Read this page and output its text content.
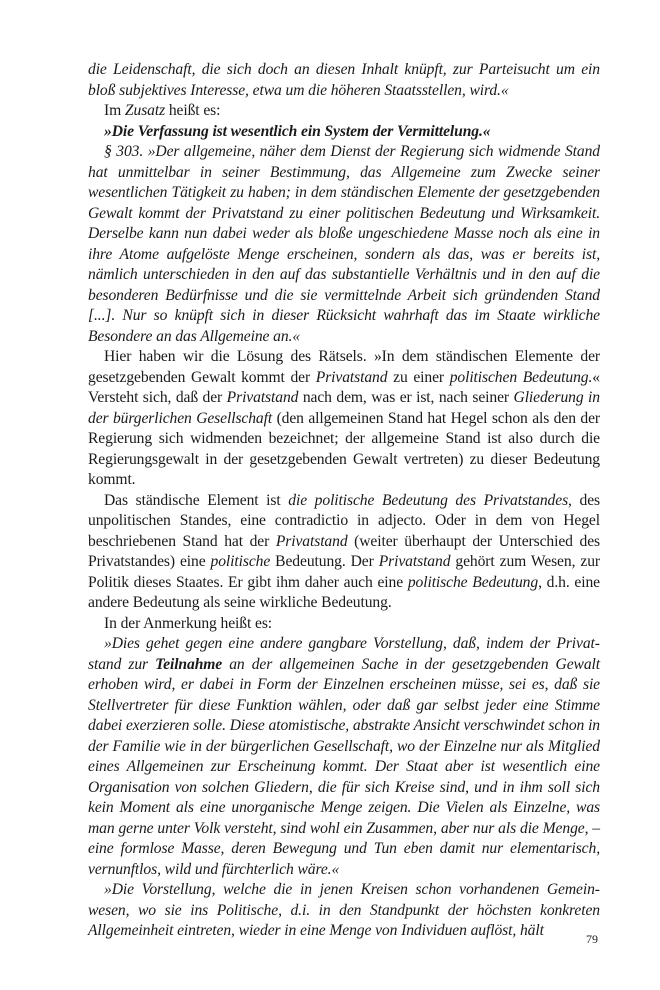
die Leidenschaft, die sich doch an diesen Inhalt knüpft, zur Parteisucht um ein bloß subjektives Interesse, etwa um die höheren Staatsstellen, wird.«

Im Zusatz heißt es:

»Die Verfassung ist wesentlich ein System der Vermittelung.«

§ 303. »Der allgemeine, näher dem Dienst der Regierung sich widmende Stand hat unmittelbar in seiner Bestimmung, das Allgemeine zum Zwecke seiner wesentlichen Tätigkeit zu haben; in dem ständischen Elemente der gesetzgebenden Gewalt kommt der Privatstand zu einer politischen Bedeutung und Wirksamkeit. Derselbe kann nun dabei weder als bloße ungeschiedene Masse noch als eine in ihre Atome aufgelöste Menge erscheinen, sondern als das, was er bereits ist, nämlich unterschieden in den auf das substantielle Verhältnis und in den auf die besonderen Bedürfnisse und die sie vermittelnde Arbeit sich gründenden Stand [...]. Nur so knüpft sich in dieser Rücksicht wahrhaft das im Staate wirkliche Besondere an das Allgemeine an.«

Hier haben wir die Lösung des Rätsels. »In dem ständischen Elemente der gesetzgebenden Gewalt kommt der Privatstand zu einer politischen Bedeutung.« Versteht sich, daß der Privatstand nach dem, was er ist, nach seiner Gliederung in der bürgerlichen Gesellschaft (den allgemeinen Stand hat Hegel schon als den der Regierung sich widmenden bezeichnet; der allgemeine Stand ist also durch die Regierungsgewalt in der gesetzgebenden Gewalt vertreten) zu dieser Bedeutung kommt.

Das ständische Element ist die politische Bedeutung des Privatstandes, des unpolitischen Standes, eine contradictio in adjecto. Oder in dem von Hegel beschriebenen Stand hat der Privatstand (weiter überhaupt der Unterschied des Privatstandes) eine politische Bedeutung. Der Privatstand gehört zum Wesen, zur Politik dieses Staates. Er gibt ihm daher auch eine politische Bedeutung, d.h. eine andere Bedeutung als seine wirkliche Bedeutung.

In der Anmerkung heißt es:

»Dies gehet gegen eine andere gangbare Vorstellung, daß, indem der Privatstand zur Teilnahme an der allgemeinen Sache in der gesetzgebenden Gewalt erhoben wird, er dabei in Form der Einzelnen erscheinen müsse, sei es, daß sie Stellvertreter für diese Funktion wählen, oder daß gar selbst jeder eine Stimme dabei exerzieren solle. Diese atomistische, abstrakte Ansicht verschwindet schon in der Familie wie in der bürgerlichen Gesellschaft, wo der Einzelne nur als Mitglied eines Allgemeinen zur Erscheinung kommt. Der Staat aber ist wesentlich eine Organisation von solchen Gliedern, die für sich Kreise sind, und in ihm soll sich kein Moment als eine unorganische Menge zeigen. Die Vielen als Einzelne, was man gerne unter Volk versteht, sind wohl ein Zusammen, aber nur als die Menge, – eine formlose Masse, deren Bewegung und Tun eben damit nur elementarisch, vernunftlos, wild und fürchterlich wäre.«

»Die Vorstellung, welche die in jenen Kreisen schon vorhandenen Gemeinwesen, wo sie ins Politische, d.i. in den Standpunkt der höchsten konkreten Allgemeinheit eintreten, wieder in eine Menge von Individuen auflöst, hält	79
